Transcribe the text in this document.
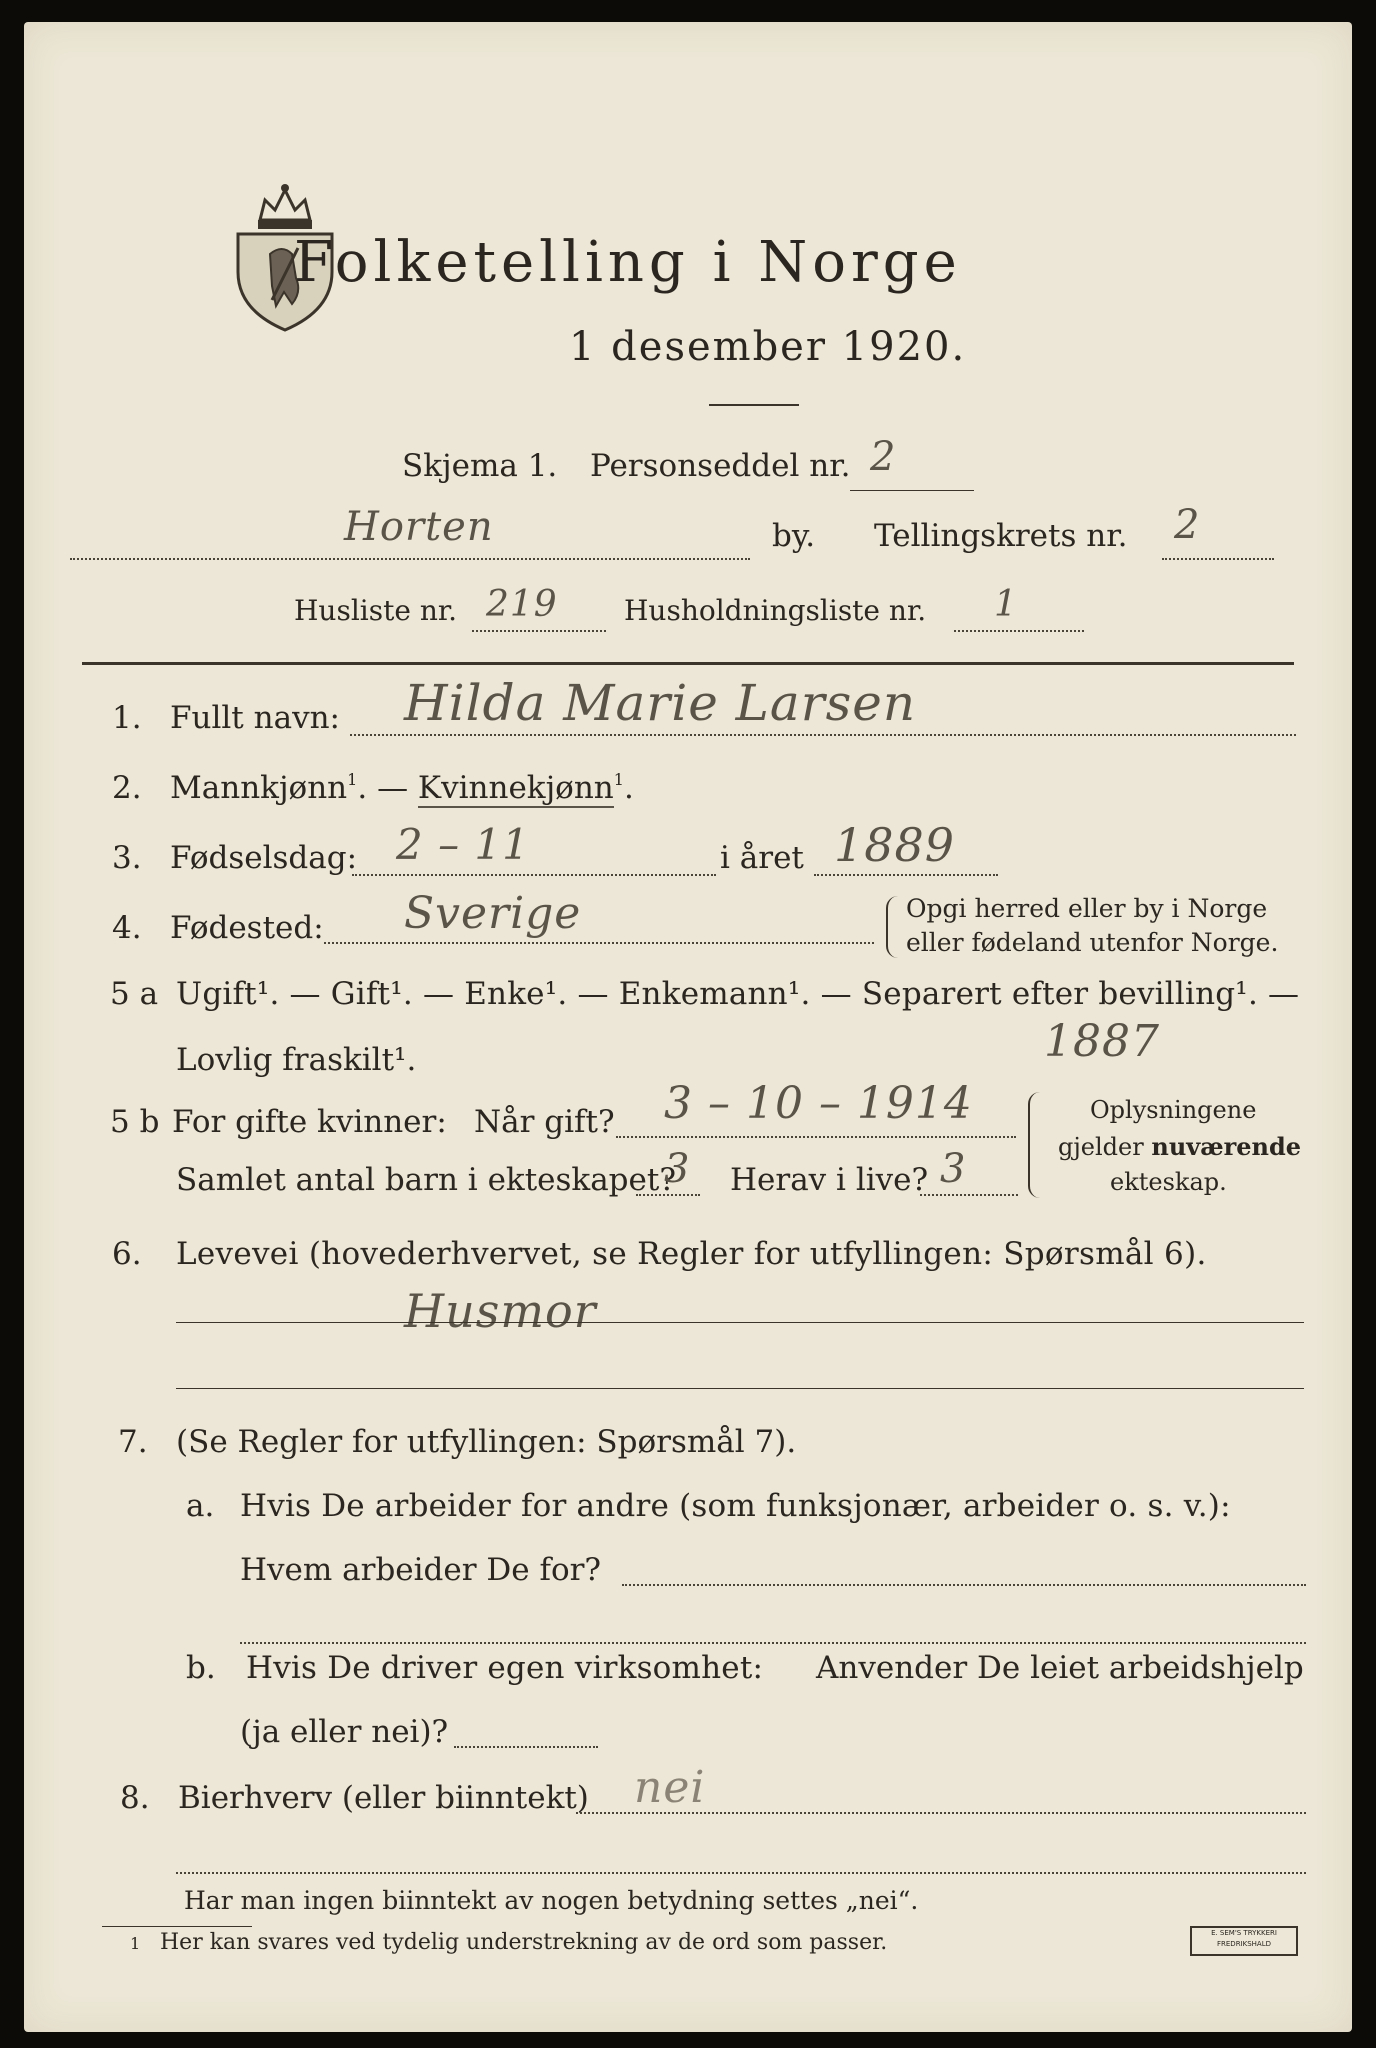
Folketelling i Norge
1 desember 1920.
Skjema 1. Personseddel nr. 2
Horten	by. Tellingskrets nr. 2
Husliste nr. 219 Husholdningsliste nr. 1
1. Fullt navn: Hilda Marie Larsen
2. Mannkjønn$^1$. — Kvinnekjønn$^1$.
3. Fødselsdag: 2 – 11	i året 1889
4. Fødested: Sverige	Opgi herred eller by i Norge
eller fødeland utenfor Norge.
5 a Ugift¹. — Gift¹. — Enke¹. — Enkemann¹. — Separert efter bevilling¹. —
Lovlig fraskilt¹.	1887
5 b For gifte kvinner: Når gift? 3 – 10 – 1914
Samlet antal barn i ekteskapet?
3 Herav i live? 3
Oplysningene
gjelder nuværende
ekteskap.
6. Levevei (hovederhvervet, se Regler for utfyllingen: Spørsmål 6).
Husmor
7. (Se Regler for utfyllingen: Spørsmål 7).
a. Hvis De arbeider for andre (som funksjonær, arbeider o. s. v.):
Hvem arbeider De for?
b. Hvis De driver egen virksomhet: Anvender De leiet arbeidshjelp
(ja eller nei)?
8. Bierhverv (eller biinntekt) nei
Har man ingen biinntekt av nogen betydning settes „nei“.
1 Her kan svares ved tydelig understrekning av de ord som passer.	E. SEM'S TRYKKERI FREDRIKSHALD
